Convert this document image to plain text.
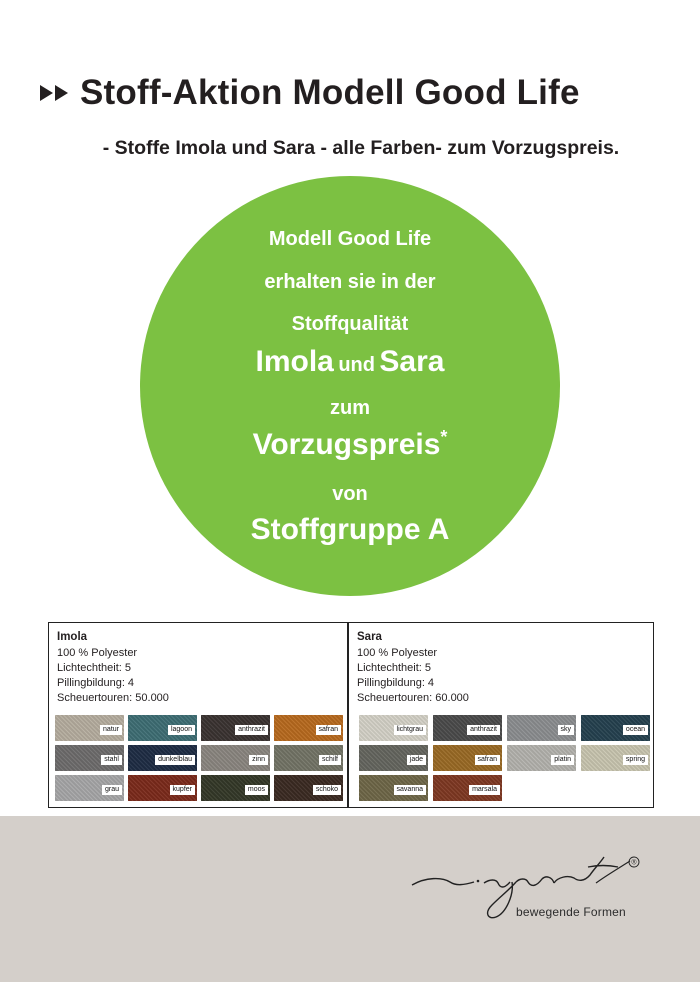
Stoff-Aktion Modell Good Life
- Stoffe Imola und Sara - alle Farben- zum Vorzugspreis.
Modell Good Life
erhalten sie in der
Stoffqualität
Imola und Sara
zum
Vorzugspreis*
von
Stoffgruppe A
Imola
100 % Polyester
Lichtechtheit: 5
Pillingbildung: 4
Scheuertouren: 50.000
natur	lagoon	anthrazit	safran
stahl	dunkelblau	zinn	schilf
grau	kupfer	moos	schoko
Sara
100 % Polyester
Lichtechtheit: 5
Pillingbildung: 4
Scheuertouren: 60.000
lichtgrau	anthrazit	sky	ocean
jade	safran	platin	spring
savanna	marsala
®
bewegende Formen
